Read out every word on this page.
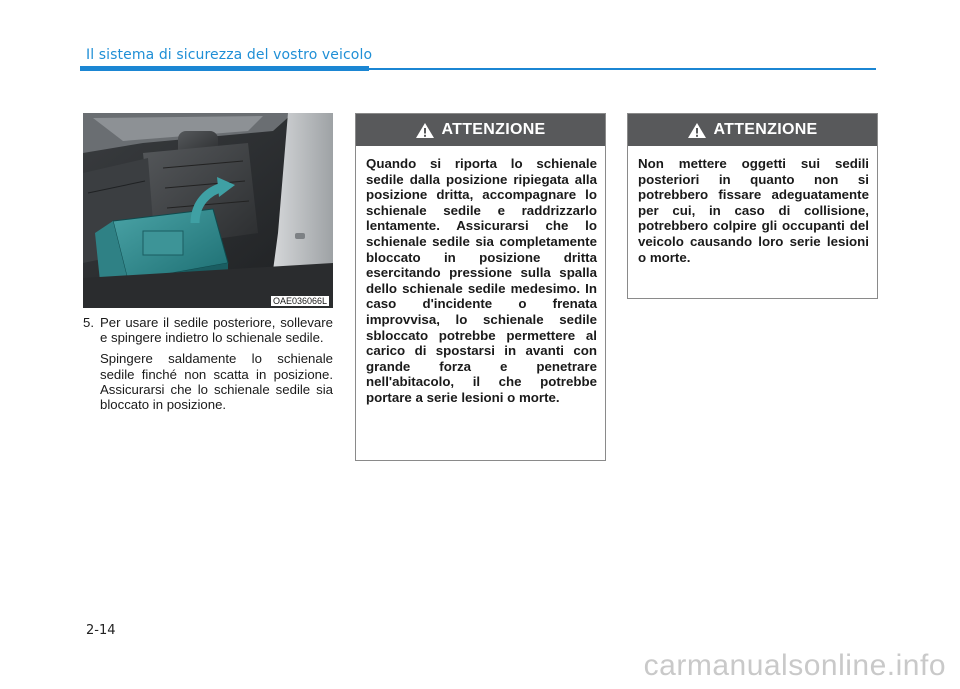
Il sistema di sicurezza del vostro veicolo
OAE036066L

5. Per usare il sedile posteriore, sollevare e spingere indietro lo schienale sedile.

Spingere saldamente lo schienale sedile finché non scatta in posizione. Assicurarsi che lo schienale sedile sia bloccato in posizione.

ATTENZIONE

Quando si riporta lo schienale sedile dalla posizione ripiegata alla posizione dritta, accompagnare lo schienale sedile e raddrizzarlo lentamente. Assicurarsi che lo schienale sedile sia completamente bloccato in posizione dritta esercitando pressione sulla spalla dello schienale sedile medesimo. In caso d'incidente o frenata improvvisa, lo schienale sedile sbloccato potrebbe permettere al carico di spostarsi in avanti con grande forza e penetrare nell'abitacolo, il che potrebbe portare a serie lesioni o morte.

ATTENZIONE

Non mettere oggetti sui sedili posteriori in quanto non si potrebbero fissare adeguatamente per cui, in caso di collisione, potrebbero colpire gli occupanti del veicolo causando loro serie lesioni o morte.

2-14
carmanualsonline.info
